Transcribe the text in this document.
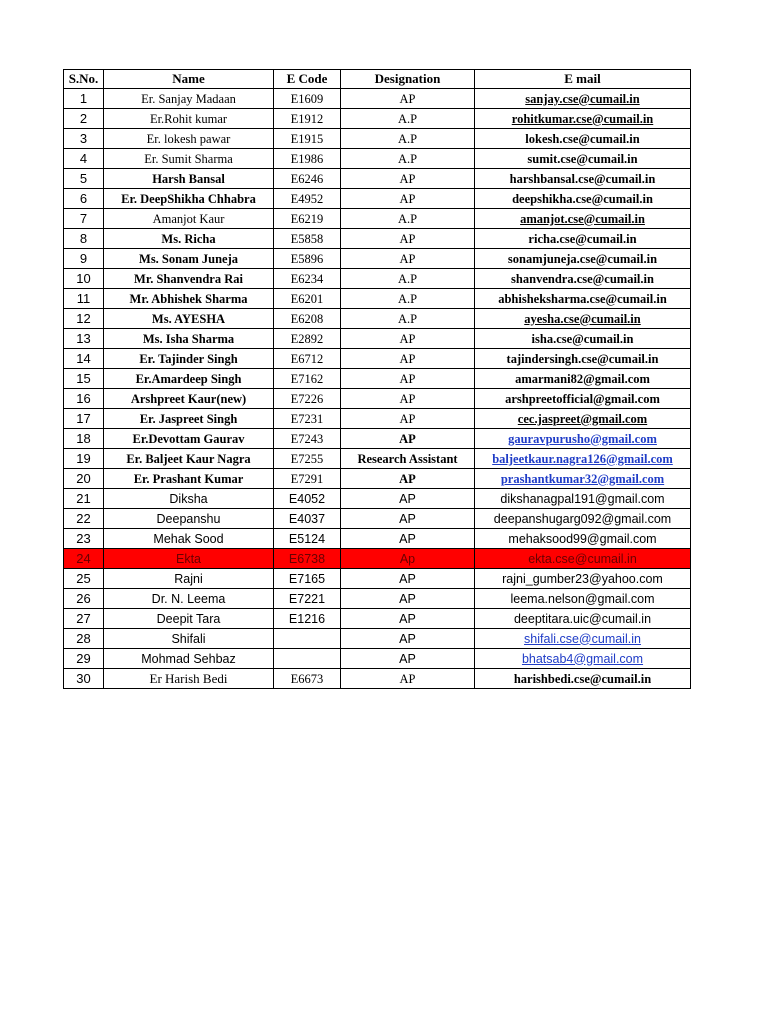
S.No.	Name	E Code	Designation	E mail
1	Er. Sanjay Madaan	E1609	AP	sanjay.cse@cumail.in
2	Er.Rohit kumar	E1912	A.P	rohitkumar.cse@cumail.in
3	Er. lokesh pawar	E1915	A.P	lokesh.cse@cumail.in
4	Er. Sumit Sharma	E1986	A.P	sumit.cse@cumail.in
5	Harsh Bansal	E6246	AP	harshbansal.cse@cumail.in
6	Er. DeepShikha Chhabra	E4952	AP	deepshikha.cse@cumail.in
7	Amanjot Kaur	E6219	A.P	amanjot.cse@cumail.in
8	Ms. Richa	E5858	AP	richa.cse@cumail.in
9	Ms. Sonam Juneja	E5896	AP	sonamjuneja.cse@cumail.in
10	Mr. Shanvendra Rai	E6234	A.P	shanvendra.cse@cumail.in
11	Mr. Abhishek Sharma	E6201	A.P	abhisheksharma.cse@cumail.in
12	Ms. AYESHA	E6208	A.P	ayesha.cse@cumail.in
13	Ms. Isha Sharma	E2892	AP	isha.cse@cumail.in
14	Er. Tajinder Singh	E6712	AP	tajindersingh.cse@cumail.in
15	Er.Amardeep Singh	E7162	AP	amarmani82@gmail.com
16	Arshpreet Kaur(new)	E7226	AP	arshpreetofficial@gmail.com
17	Er. Jaspreet Singh	E7231	AP	cec.jaspreet@gmail.com
18	Er.Devottam Gaurav	E7243	AP	gauravpurusho@gmail.com
19	Er. Baljeet Kaur Nagra	E7255	Research Assistant	baljeetkaur.nagra126@gmail.com
20	Er. Prashant Kumar	E7291	AP	prashantkumar32@gmail.com
21	Diksha	E4052	AP	dikshanagpal191@gmail.com
22	Deepanshu	E4037	AP	deepanshugarg092@gmail.com
23	Mehak Sood	E5124	AP	mehaksood99@gmail.com
24	Ekta	E6738	Ap	ekta.cse@cumail.in
25	Rajni	E7165	AP	rajni_gumber23@yahoo.com
26	Dr. N. Leema	E7221	AP	leema.nelson@gmail.com
27	Deepit Tara	E1216	AP	deeptitara.uic@cumail.in
28	Shifali		AP	shifali.cse@cumail.in
29	Mohmad Sehbaz		AP	bhatsab4@gmail.com
30	Er Harish Bedi	E6673	AP	harishbedi.cse@cumail.in
